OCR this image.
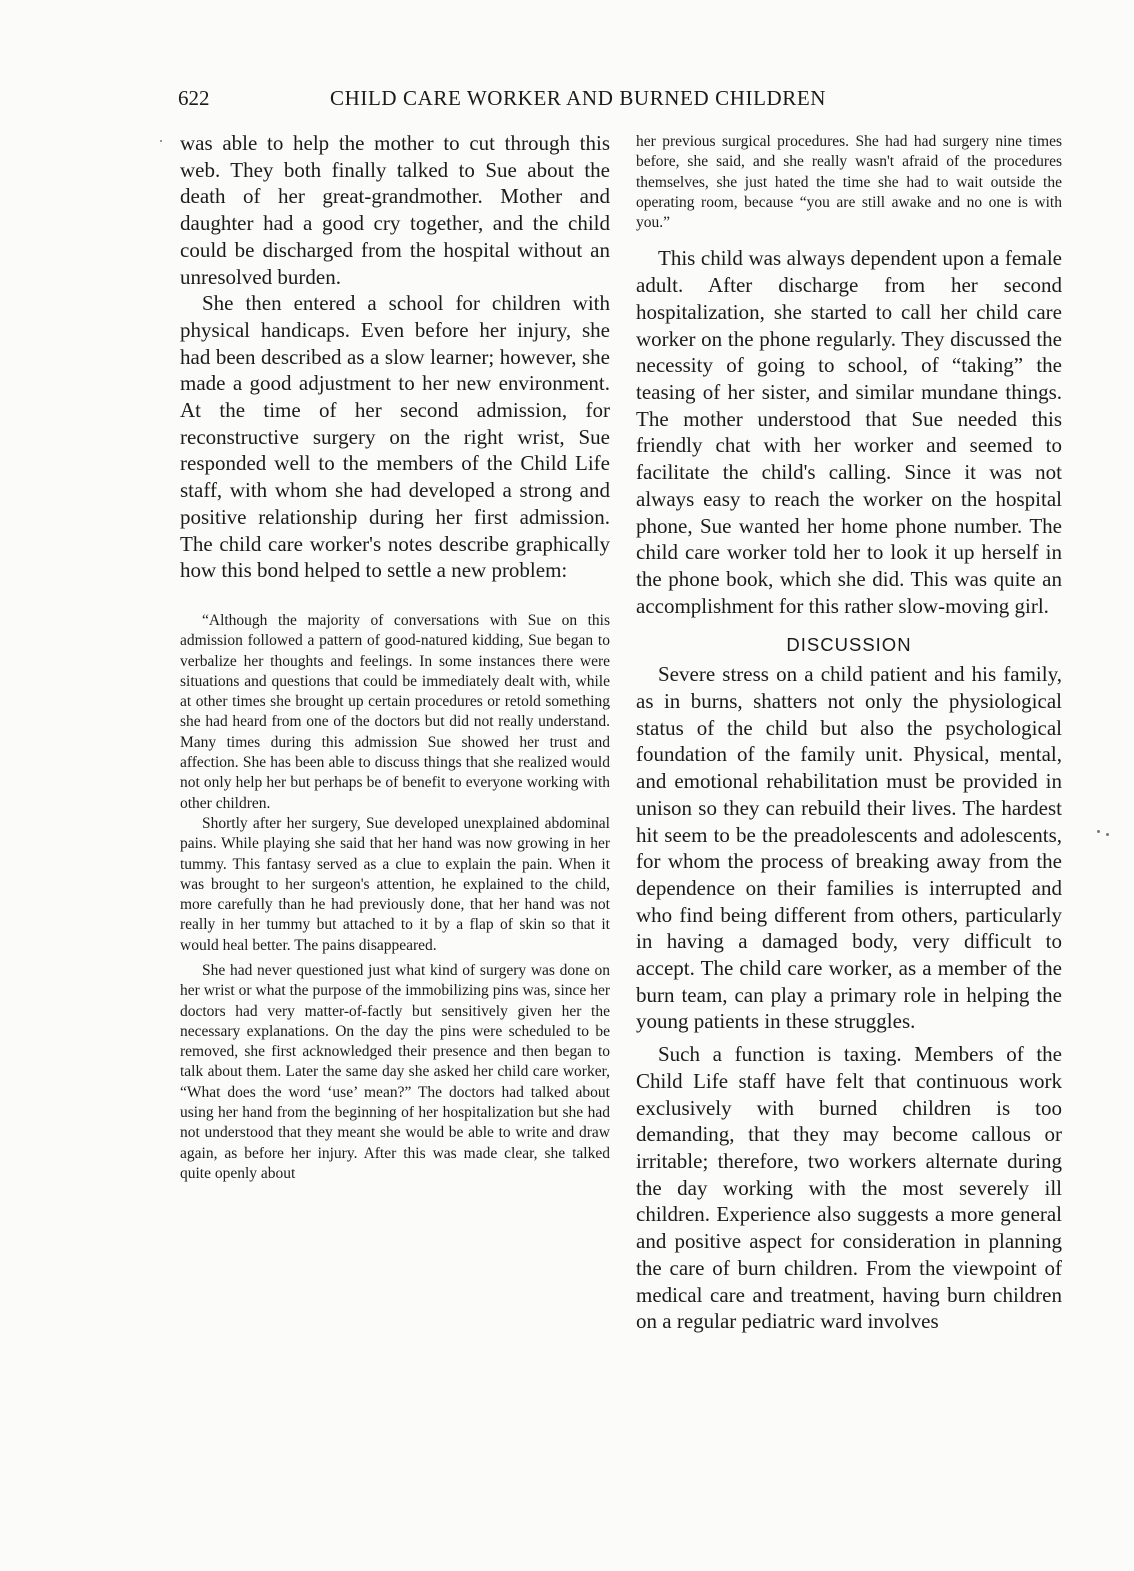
622	CHILD CARE WORKER AND BURNED CHILDREN

was able to help the mother to cut through this web. They both finally talked to Sue about the death of her great-grandmother. Mother and daughter had a good cry together, and the child could be discharged from the hospital without an unresolved burden.

She then entered a school for children with physical handicaps. Even before her injury, she had been described as a slow learner; however, she made a good adjustment to her new environment. At the time of her second admission, for reconstructive surgery on the right wrist, Sue responded well to the members of the Child Life staff, with whom she had developed a strong and positive relationship during her first admission. The child care worker's notes describe graphically how this bond helped to settle a new problem:

“Although the majority of conversations with Sue on this admission followed a pattern of good-natured kidding, Sue began to verbalize her thoughts and feelings. In some instances there were situations and questions that could be immediately dealt with, while at other times she brought up certain procedures or retold something she had heard from one of the doctors but did not really understand. Many times during this admission Sue showed her trust and affection. She has been able to discuss things that she realized would not only help her but perhaps be of benefit to everyone working with other children.

Shortly after her surgery, Sue developed unexplained abdominal pains. While playing she said that her hand was now growing in her tummy. This fantasy served as a clue to explain the pain. When it was brought to her surgeon's attention, he explained to the child, more carefully than he had previously done, that her hand was not really in her tummy but attached to it by a flap of skin so that it would heal better. The pains disappeared.

She had never questioned just what kind of surgery was done on her wrist or what the purpose of the immobilizing pins was, since her doctors had very matter-of-factly but sensitively given her the necessary explanations. On the day the pins were scheduled to be removed, she first acknowledged their presence and then began to talk about them. Later the same day she asked her child care worker, “What does the word ‘use’ mean?” The doctors had talked about using her hand from the beginning of her hospitalization but she had not understood that they meant she would be able to write and draw again, as before her injury. After this was made clear, she talked quite openly about

her previous surgical procedures. She had had surgery nine times before, she said, and she really wasn't afraid of the procedures themselves, she just hated the time she had to wait outside the operating room, because “you are still awake and no one is with you.”

This child was always dependent upon a female adult. After discharge from her second hospitalization, she started to call her child care worker on the phone regularly. They discussed the necessity of going to school, of “taking” the teasing of her sister, and similar mundane things. The mother understood that Sue needed this friendly chat with her worker and seemed to facilitate the child's calling. Since it was not always easy to reach the worker on the hospital phone, Sue wanted her home phone number. The child care worker told her to look it up herself in the phone book, which she did. This was quite an accomplishment for this rather slow-moving girl.

DISCUSSION

Severe stress on a child patient and his family, as in burns, shatters not only the physiological status of the child but also the psychological foundation of the family unit. Physical, mental, and emotional rehabilitation must be provided in unison so they can rebuild their lives. The hardest hit seem to be the preadolescents and adolescents, for whom the process of breaking away from the dependence on their families is interrupted and who find being different from others, particularly in having a damaged body, very difficult to accept. The child care worker, as a member of the burn team, can play a primary role in helping the young patients in these struggles.

Such a function is taxing. Members of the Child Life staff have felt that continuous work exclusively with burned children is too demanding, that they may become callous or irritable; therefore, two workers alternate during the day working with the most severely ill children. Experience also suggests a more general and positive aspect for consideration in planning the care of burn children. From the viewpoint of medical care and treatment, having burn children on a regular pediatric ward involves
